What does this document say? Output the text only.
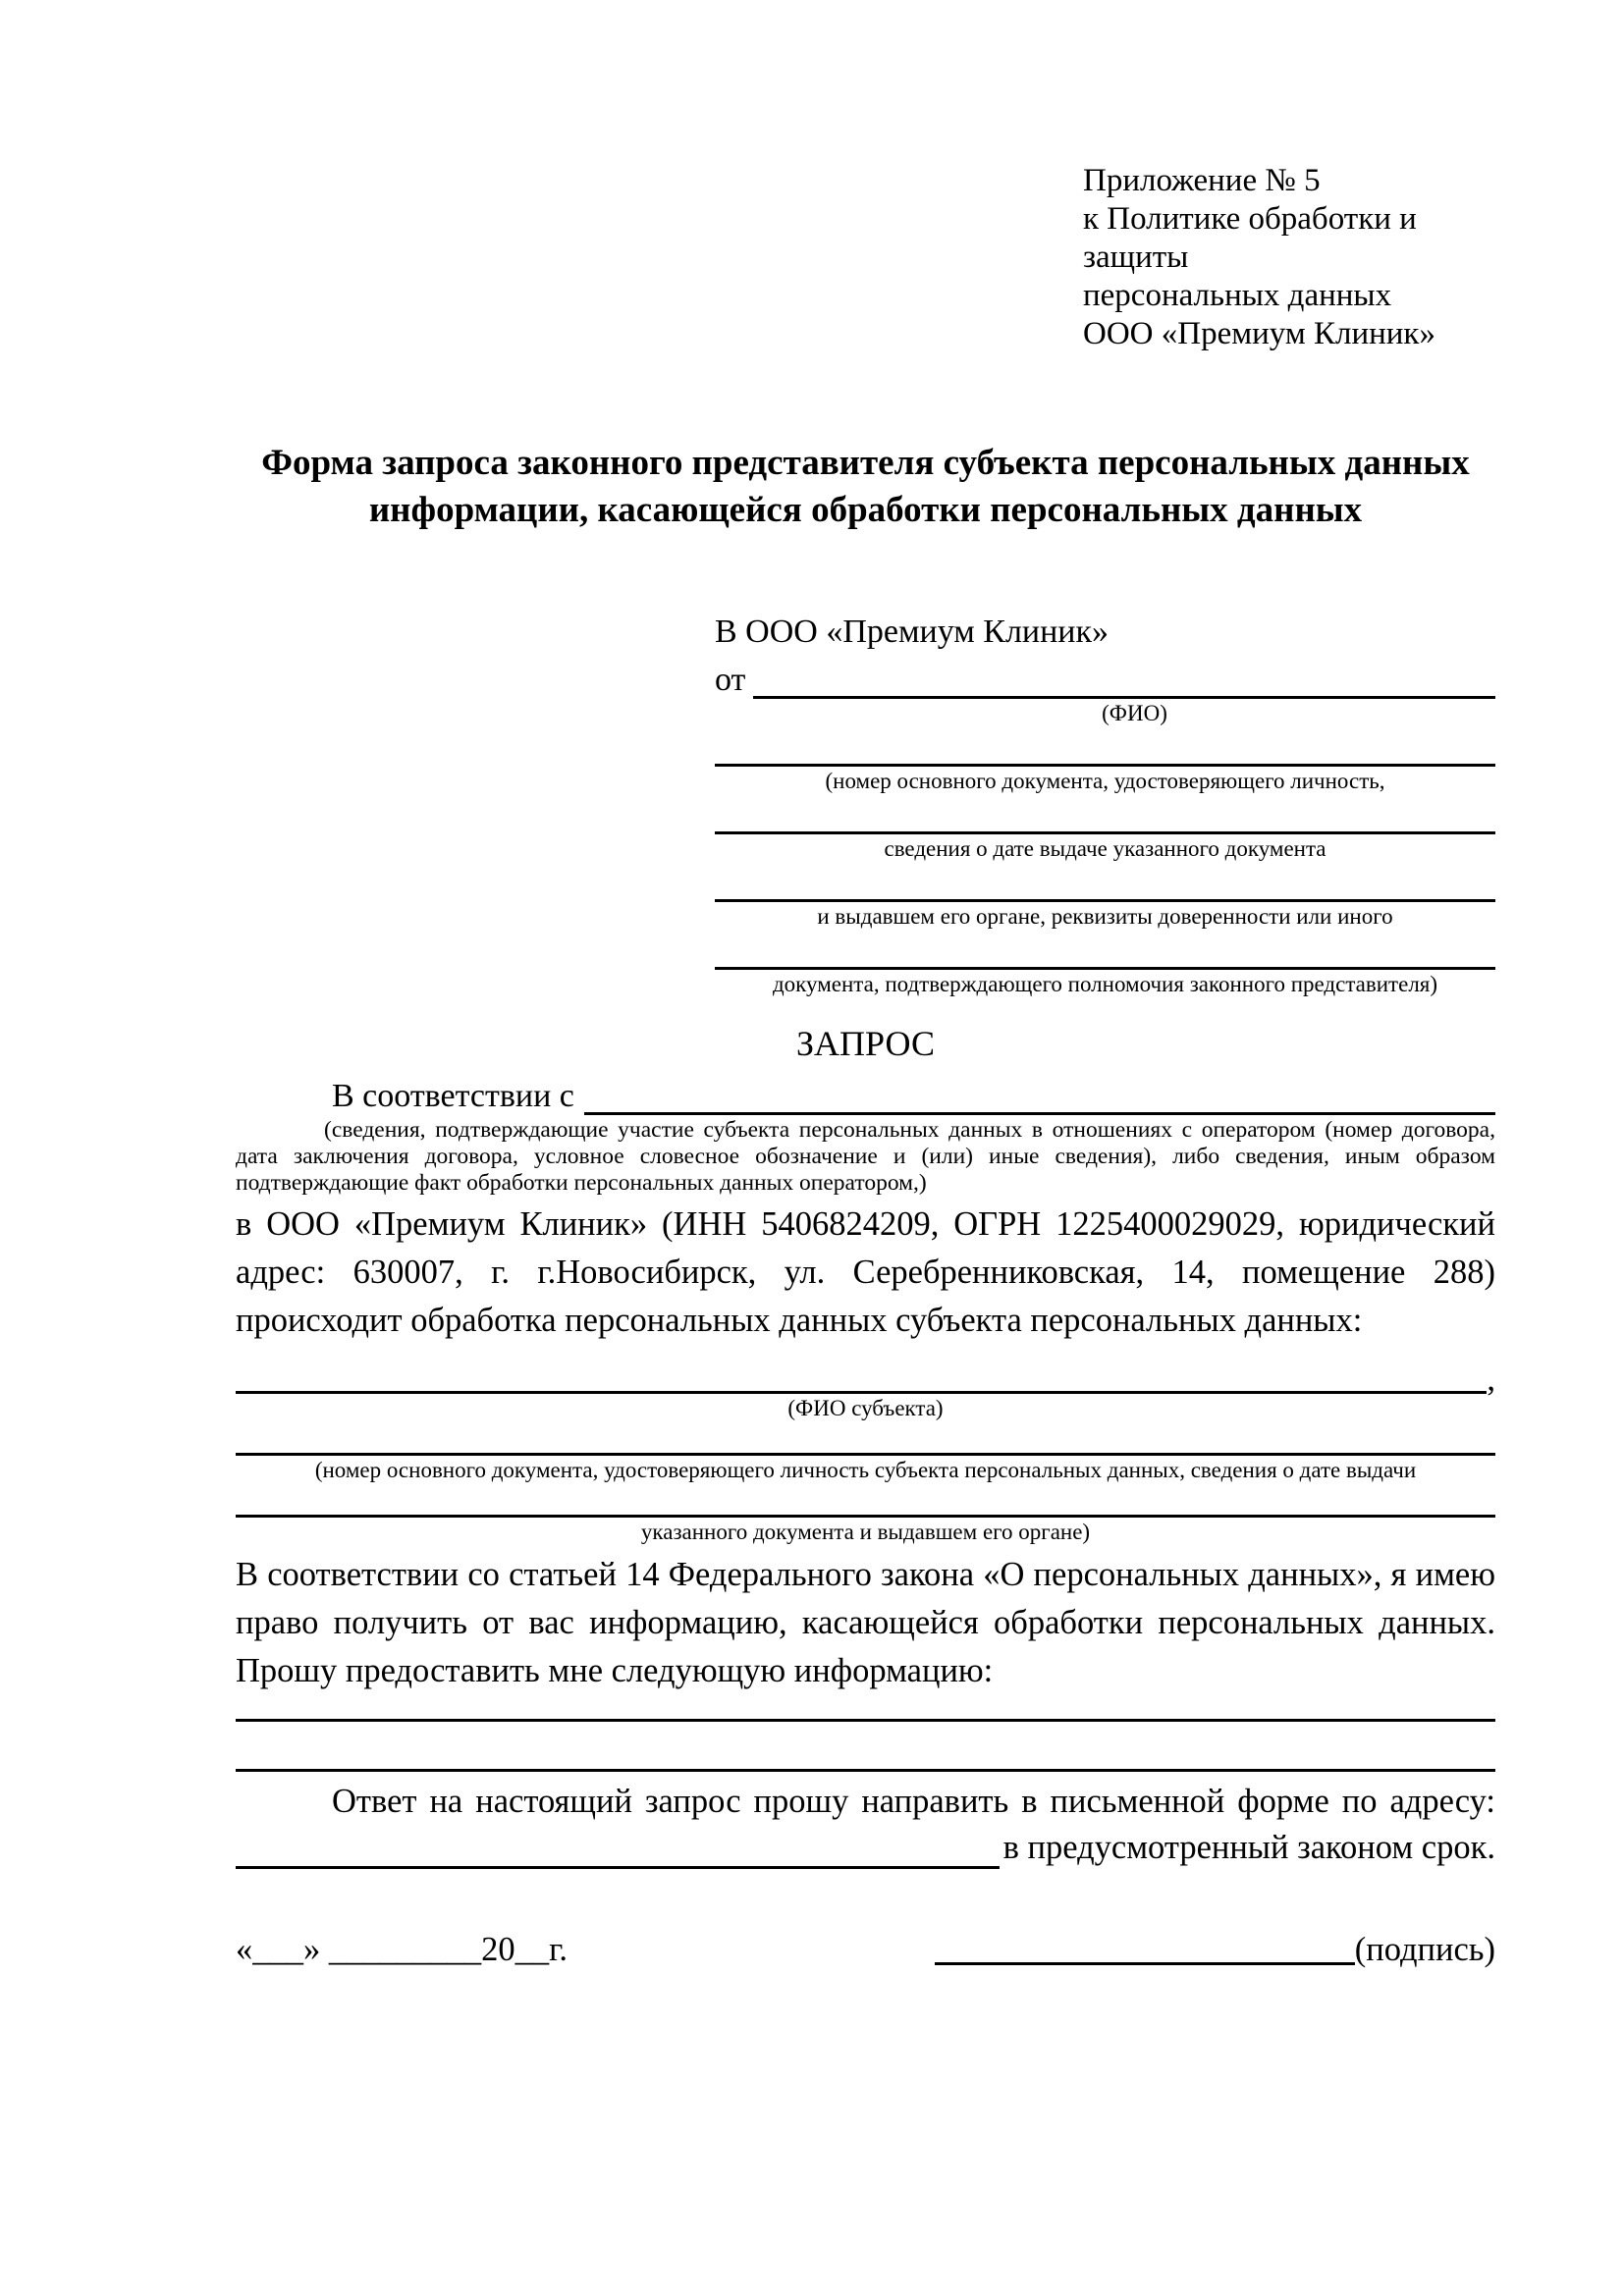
Приложение № 5
к Политике обработки и защиты
персональных данных
ООО «Премиум Клиник»
Форма запроса законного представителя субъекта персональных данных
информации, касающейся обработки персональных данных
В ООО «Премиум Клиник»
от
(ФИО)
(номер основного документа, удостоверяющего личность,
сведения о дате выдаче указанного документа
и выдавшем его органе, реквизиты доверенности или иного
документа, подтверждающего полномочия законного представителя)
ЗАПРОС
В соответствии с
(сведения, подтверждающие участие субъекта персональных данных в отношениях с оператором (номер договора, дата заключения договора, условное словесное обозначение и (или) иные сведения), либо сведения, иным образом подтверждающие факт обработки персональных данных оператором,)
в ООО «Премиум Клиник» (ИНН 5406824209, ОГРН 1225400029029, юридический адрес: 630007, г. г.Новосибирск, ул. Серебренниковская, 14, помещение 288) происходит обработка персональных данных субъекта персональных данных:
,
(ФИО субъекта)
(номер основного документа, удостоверяющего личность субъекта персональных данных, сведения о дате выдачи
указанного документа и выдавшем его органе)
В соответствии со статьей 14 Федерального закона «О персональных данных», я имею право получить от вас информацию, касающейся обработки персональных данных. Прошу предоставить мне следующую информацию:
Ответ на настоящий запрос прошу направить в письменной форме по адресу:
в предусмотренный законом срок.
«___» _________20__г.	(подпись)
